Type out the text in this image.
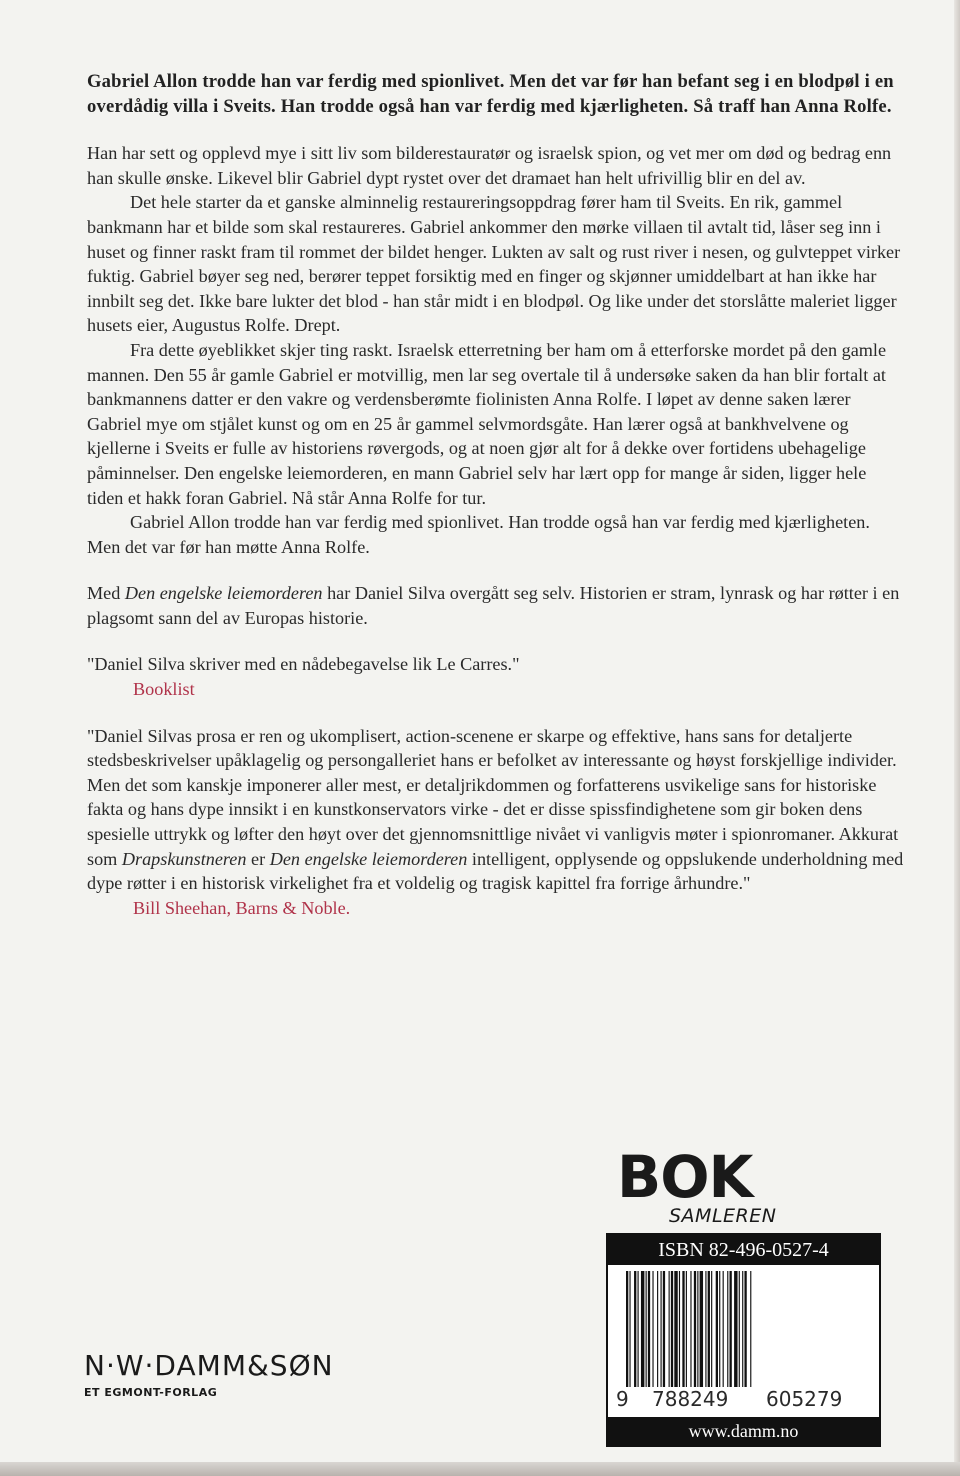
Gabriel Allon trodde han var ferdig med spionlivet. Men det var før han befant seg i en blodpøl i en overdådig villa i Sveits. Han trodde også han var ferdig med kjærligheten. Så traff han Anna Rolfe.

Han har sett og opplevd mye i sitt liv som bilderestauratør og israelsk spion, og vet mer om død og bedrag enn han skulle ønske. Likevel blir Gabriel dypt rystet over det dramaet han helt ufrivillig blir en del av.

Det hele starter da et ganske alminnelig restaureringsoppdrag fører ham til Sveits. En rik, gammel bankmann har et bilde som skal restaureres. Gabriel ankommer den mørke villaen til avtalt tid, låser seg inn i huset og finner raskt fram til rommet der bildet henger. Lukten av salt og rust river i nesen, og gulvteppet virker fuktig. Gabriel bøyer seg ned, berører teppet forsiktig med en finger og skjønner umiddelbart at han ikke har innbilt seg det. Ikke bare lukter det blod - han står midt i en blodpøl. Og like under det storslåtte maleriet ligger husets eier, Augustus Rolfe. Drept.

Fra dette øyeblikket skjer ting raskt. Israelsk etterretning ber ham om å etterforske mordet på den gamle mannen. Den 55 år gamle Gabriel er motvillig, men lar seg overtale til å undersøke saken da han blir fortalt at bankmannens datter er den vakre og verdensberømte fiolinisten Anna Rolfe. I løpet av denne saken lærer Gabriel mye om stjålet kunst og om en 25 år gammel selvmordsgåte. Han lærer også at bankhvelvene og kjellerne i Sveits er fulle av historiens røvergods, og at noen gjør alt for å dekke over fortidens ubehagelige påminnelser. Den engelske leiemorderen, en mann Gabriel selv har lært opp for mange år siden, ligger hele tiden et hakk foran Gabriel. Nå står Anna Rolfe for tur.

Gabriel Allon trodde han var ferdig med spionlivet. Han trodde også han var ferdig med kjærligheten. Men det var før han møtte Anna Rolfe.

Med Den engelske leiemorderen har Daniel Silva overgått seg selv. Historien er stram, lynrask og har røtter i en plagsomt sann del av Europas historie.

"Daniel Silva skriver med en nådebegavelse lik Le Carres."

Booklist

"Daniel Silvas prosa er ren og ukomplisert, action-scenene er skarpe og effektive, hans sans for detaljerte stedsbeskrivelser upåklagelig og persongalleriet hans er befolket av interessante og høyst forskjellige individer. Men det som kanskje imponerer aller mest, er detaljrikdommen og forfatterens usvikelige sans for historiske fakta og hans dype innsikt i en kunstkonservators virke - det er disse spissfindighetene som gir boken dens spesielle uttrykk og løfter den høyt over det gjennomsnittlige nivået vi vanligvis møter i spionromaner. Akkurat som Drapskunstneren er Den engelske leiemorderen intelligent, opplysende og oppslukende underholdning med dype røtter i en historisk virkelighet fra et voldelig og tragisk kapittel fra forrige århundre."

Bill Sheehan, Barns & Noble.

BOK
SAMLEREN
ISBN 82-496-0527-4
9 788249 605279
www.damm.no
N·W·DAMM&SØN
ET EGMONT-FORLAG
